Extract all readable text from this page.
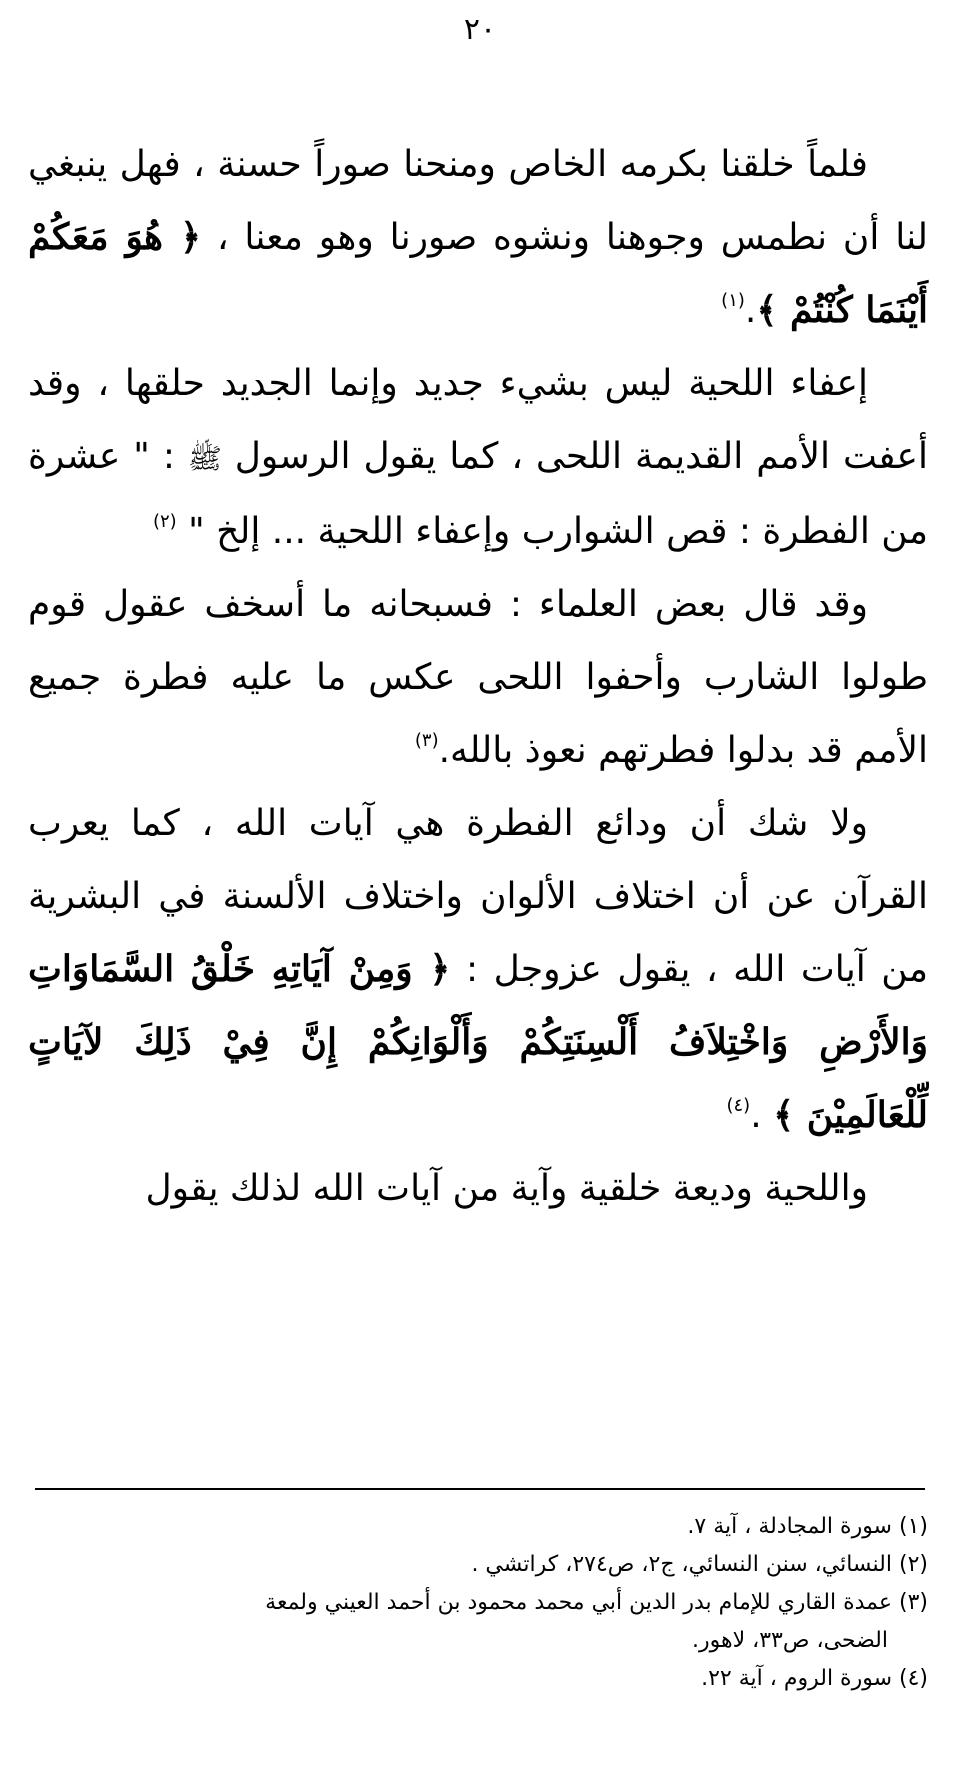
٢٠

فلماً خلقنا بكرمه الخاص ومنحنا صوراً حسنة ، فهل ينبغي لنا أن نطمس وجوهنا ونشوه صورنا وهو معنا ، ﴿ هُوَ مَعَكُمْ أَيْنَمَا كُنْتُمْ ﴾.$^{(١)}$

إعفاء اللحية ليس بشيء جديد وإنما الجديد حلقها ، وقد أعفت الأمم القديمة اللحى ، كما يقول الرسول ﷺ : " عشرة من الفطرة : قص الشوارب وإعفاء اللحية ... إلخ " $^{(٢)}$

وقد قال بعض العلماء : فسبحانه ما أسخف عقول قوم طولوا الشارب وأحفوا اللحى عكس ما عليه فطرة جميع الأمم قد بدلوا فطرتهم نعوذ بالله.$^{(٣)}$

ولا شك أن ودائع الفطرة هي آيات الله ، كما يعرب القرآن عن أن اختلاف الألوان واختلاف الألسنة في البشرية من آيات الله ، يقول عزوجل : ﴿ وَمِنْ آيَاتِهِ خَلْقُ السَّمَاوَاتِ وَالأَرْضِ وَاخْتِلاَفُ أَلْسِنَتِكُمْ وَأَلْوَانِكُمْ إِنَّ فِيْ ذَلِكَ لآيَاتٍ لِّلْعَالَمِيْنَ ﴾ .$^{(٤)}$

واللحية وديعة خلقية وآية من آيات الله لذلك يقول

(١) سورة المجادلة ، آية ٧.

(٢) النسائي، سنن النسائي، ج٢، ص٢٧٤، كراتشي .

(٣) عمدة القاري للإمام بدر الدين أبي محمد محمود بن أحمد العيني ولمعة

الضحى، ص٣٣، لاهور.

(٤) سورة الروم ، آية ٢٢.
